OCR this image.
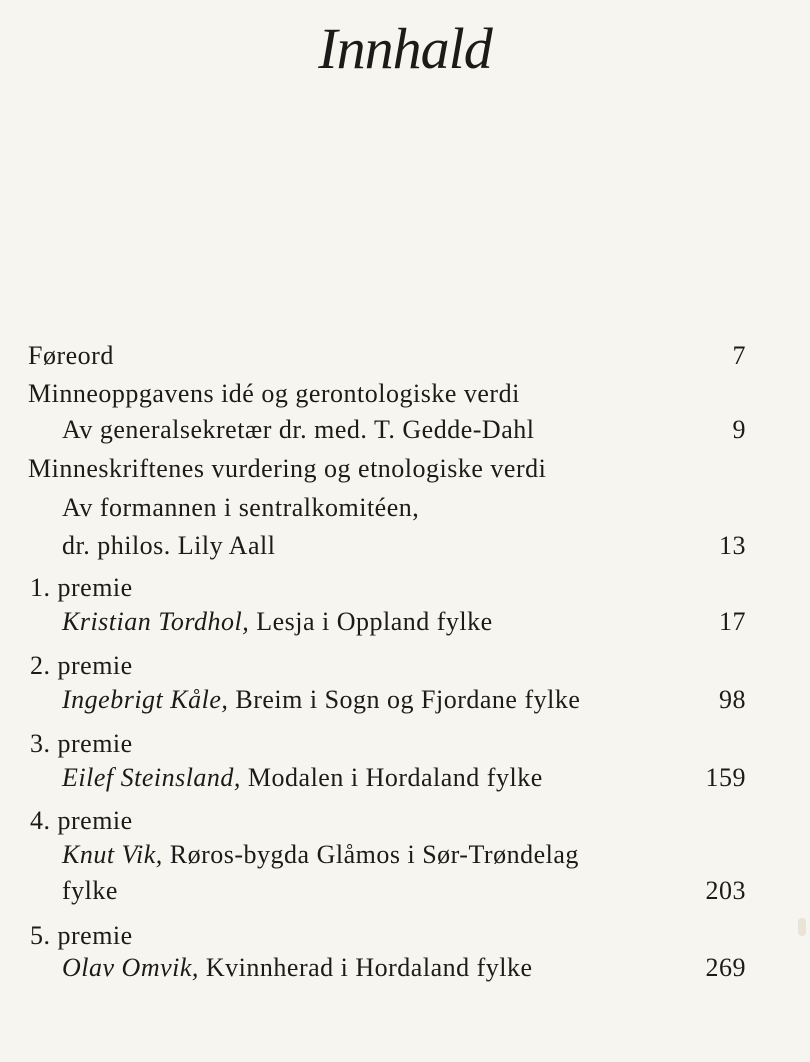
Innhald
Føreord	7
Minneoppgavens idé og gerontologiske verdi
Av generalsekretær dr. med. T. Gedde-Dahl	9
Minneskriftenes vurdering og etnologiske verdi
Av formannen i sentralkomitéen,
dr. philos. Lily Aall	13
1. premie
Kristian Tordhol, Lesja i Oppland fylke	17
2. premie
Ingebrigt Kåle, Breim i Sogn og Fjordane fylke	98
3. premie
Eilef Steinsland, Modalen i Hordaland fylke	159
4. premie
Knut Vik, Røros-bygda Glåmos i Sør-Trøndelag
fylke	203
5. premie
Olav Omvik, Kvinnherad i Hordaland fylke	269
